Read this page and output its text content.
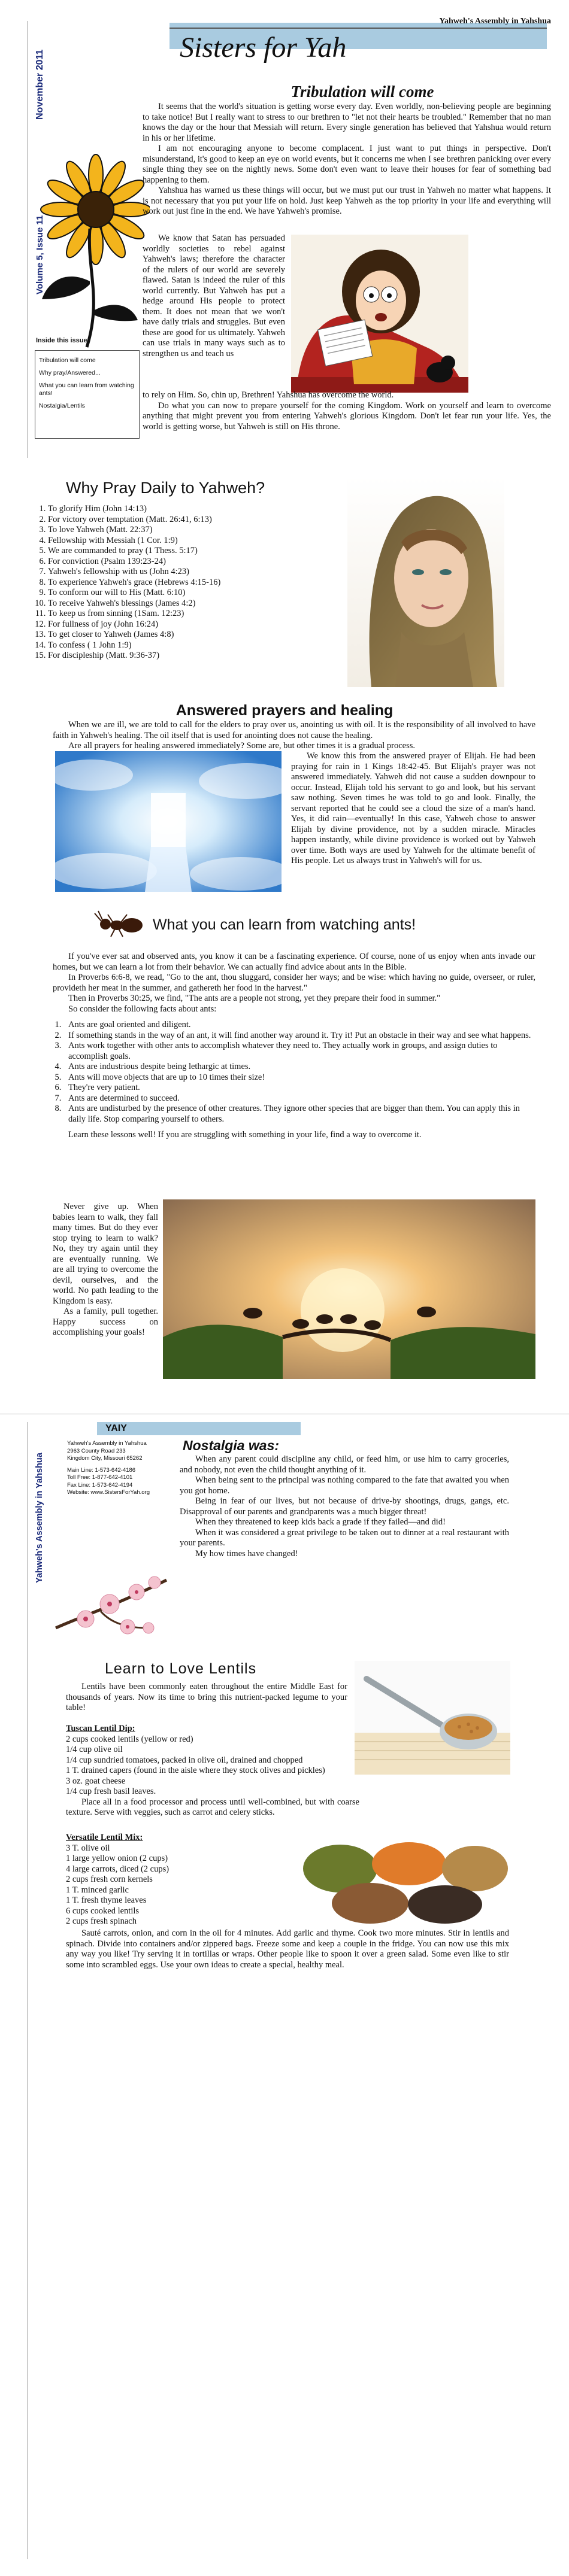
Yahweh's Assembly in Yahshua
Sisters for Yah
November 2011
Volume 5, Issue 11
Inside this issue:
Tribulation will come
Why pray/Answered...
What you can learn from watching ants!
Nostalgia/Lentils
Tribulation will come

It seems that the world's situation is getting worse every day. Even worldly, non-believing people are beginning to take notice! But I really want to stress to our brethren to "let not their hearts be troubled." Remember that no man knows the day or the hour that Messiah will return. Every single generation has believed that Yahshua would return in his or her lifetime.

I am not encouraging anyone to become complacent. I just want to put things in perspective. Don't misunderstand, it's good to keep an eye on world events, but it concerns me when I see brethren panicking over every single thing they see on the nightly news. Some don't even want to leave their houses for fear of something bad happening to them.

Yahshua has warned us these things will occur, but we must put our trust in Yahweh no matter what happens. It is not necessary that you put your life on hold. Just keep Yahweh as the top priority in your life and everything will work out just fine in the end. We have Yahweh's promise.

We know that Satan has persuaded worldly societies to rebel against Yahweh's laws; therefore the character of the rulers of our world are severely flawed. Satan is indeed the ruler of this world currently. But Yahweh has put a hedge around His people to protect them. It does not mean that we won't have daily trials and struggles. But even these are good for us ultimately. Yahweh can use trials in many ways such as to strengthen us and teach us

to rely on Him. So, chin up, Brethren! Yahshua has overcome the world.

Do what you can now to prepare yourself for the coming Kingdom. Work on yourself and learn to overcome anything that might prevent you from entering Yahweh's glorious Kingdom. Don't let fear run your life. Yes, the world is getting worse, but Yahweh is still on His throne.

Why Pray Daily to Yahweh?
1. To glorify Him (John 14:13)
2. For victory over temptation (Matt. 26:41, 6:13)
3. To love Yahweh (Matt. 22:37)
4. Fellowship with Messiah (1 Cor. 1:9)
5. We are commanded to pray (1 Thess. 5:17)
6. For conviction (Psalm 139:23-24)
7. Yahweh's fellowship with us (John 4:23)
8. To experience Yahweh's grace (Hebrews 4:15-16)
9. To conform our will to His (Matt. 6:10)
10. To receive Yahweh's blessings (James 4:2)
11. To keep us from sinning (1Sam. 12:23)
12. For fullness of joy (John 16:24)
13. To get closer to Yahweh (James 4:8)
14. To confess ( 1 John 1:9)
15. For discipleship (Matt. 9:36-37)
Answered prayers and healing

When we are ill, we are told to call for the elders to pray over us, anointing us with oil. It is the responsibility of all involved to have faith in Yahweh's healing. The oil itself that is used for anointing does not cause the healing.

Are all prayers for healing answered immediately? Some are, but other times it is a gradual process.

We know this from the answered prayer of Elijah. He had been praying for rain in 1 Kings 18:42-45. But Elijah's prayer was not answered immediately. Yahweh did not cause a sudden downpour to occur. Instead, Elijah told his servant to go and look, but his servant saw nothing. Seven times he was told to go and look. Finally, the servant reported that he could see a cloud the size of a man's hand. Yes, it did rain—eventually! In this case, Yahweh chose to answer Elijah by divine providence, not by a sudden miracle. Miracles happen instantly, while divine providence is worked out by Yahweh over time. Both ways are used by Yahweh for the ultimate benefit of His people. Let us always trust in Yahweh's will for us.

What you can learn from watching ants!

If you've ever sat and observed ants, you know it can be a fascinating experience. Of course, none of us enjoy when ants invade our homes, but we can learn a lot from their behavior. We can actually find advice about ants in the Bible.

In Proverbs 6:6-8, we read, "Go to the ant, thou sluggard, consider her ways; and be wise: which having no guide, overseer, or ruler, provideth her meat in the summer, and gathereth her food in the harvest."

Then in Proverbs 30:25, we find, "The ants are a people not strong, yet they prepare their food in summer."

So consider the following facts about ants:

1. Ants are goal oriented and diligent.
2. If something stands in the way of an ant, it will find another way around it. Try it! Put an obstacle in their way and see what happens.
3. Ants work together with other ants to accomplish whatever they need to. They actually work in groups, and assign duties to accomplish goals.
4. Ants are industrious despite being lethargic at times.
5. Ants will move objects that are up to 10 times their size!
6. They're very patient.
7. Ants are determined to succeed.
8. Ants are undisturbed by the presence of other creatures. They ignore other species that are bigger than them. You can apply this in daily life. Stop comparing yourself to others.

Learn these lessons well! If you are struggling with something in your life, find a way to overcome it.

Never give up. When babies learn to walk, they fall many times. But do they ever stop trying to learn to walk? No, they try again until they are eventually running. We are all trying to overcome the devil, ourselves, and the world. No path leading to the Kingdom is easy.

As a family, pull together. Happy success on accomplishing your goals!

Yahweh's Assembly in Yahshua
YAIY
Yahweh's Assembly in Yahshua
2963 County Road 233
Kingdom City, Missouri 65262
Main Line: 1-573-642-4186
Toll Free: 1-877-642-4101
Fax Line: 1-573-642-4194
Website: www.SistersForYah.org
Nostalgia was:

When any parent could discipline any child, or feed him, or use him to carry groceries, and nobody, not even the child thought anything of it.

When being sent to the principal was nothing compared to the fate that awaited you when you got home.

Being in fear of our lives, but not because of drive-by shootings, drugs, gangs, etc. Disapproval of our parents and grandparents was a much bigger threat!

When they threatened to keep kids back a grade if they failed—and did!

When it was considered a great privilege to be taken out to dinner at a real restaurant with your parents.

My how times have changed!

Learn to Love Lentils

Lentils have been commonly eaten throughout the entire Middle East for thousands of years. Now its time to bring this nutrient-packed legume to your table!

Tuscan Lentil Dip:
2 cups cooked lentils (yellow or red)
1/4 cup olive oil
1/4 cup sundried tomatoes, packed in olive oil, drained and chopped
1 T. drained capers (found in the aisle where they stock olives and pickles)
3 oz. goat cheese
1/4 cup fresh basil leaves.

Place all in a food processor and process until well-combined, but with coarse texture. Serve with veggies, such as carrot and celery sticks.

Versatile Lentil Mix:
3 T. olive oil
1 large yellow onion (2 cups)
4 large carrots, diced (2 cups)
2 cups fresh corn kernels
1 T. minced garlic
1 T. fresh thyme leaves
6 cups cooked lentils
2 cups fresh spinach

Sauté carrots, onion, and corn in the oil for 4 minutes. Add garlic and thyme. Cook two more minutes. Stir in lentils and spinach. Divide into containers and/or zippered bags. Freeze some and keep a couple in the fridge. You can now use this mix any way you like! Try serving it in tortillas or wraps. Other people like to spoon it over a green salad. Some even like to stir some into scrambled eggs. Use your own ideas to create a special, healthy meal.
